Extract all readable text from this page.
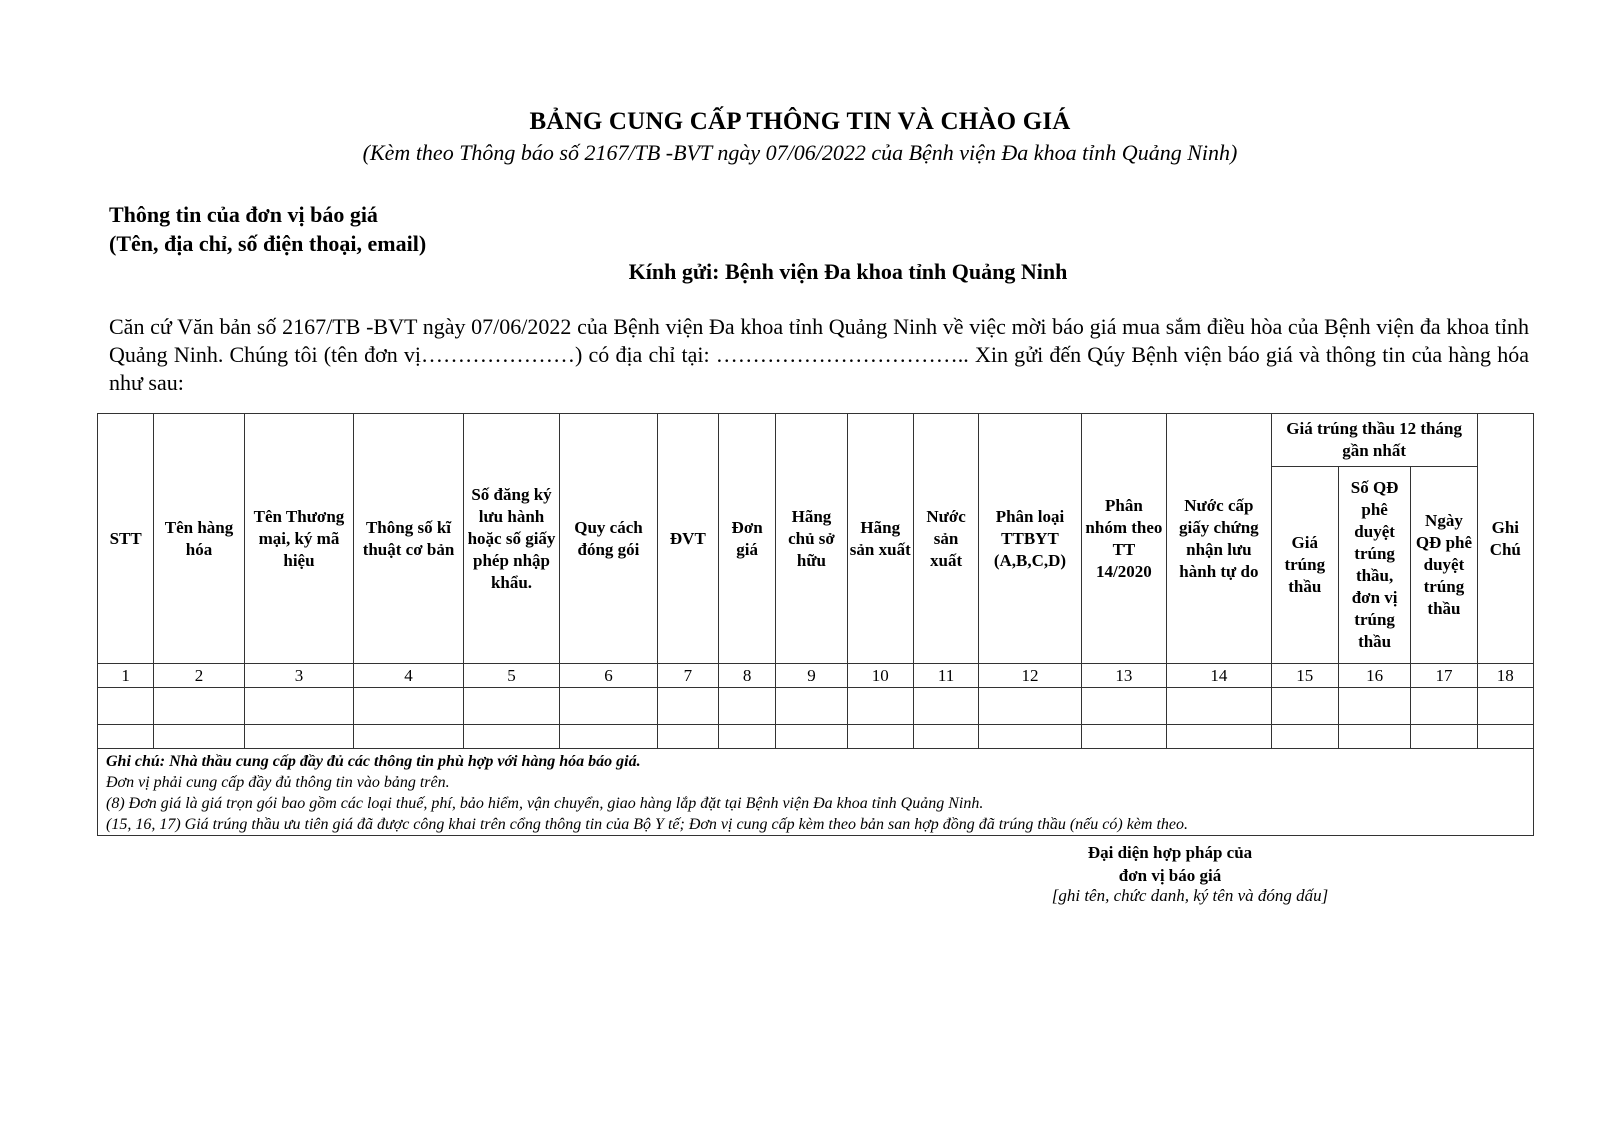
BẢNG CUNG CẤP THÔNG TIN VÀ CHÀO GIÁ
(Kèm theo Thông báo số 2167/TB -BVT ngày 07/06/2022 của Bệnh viện Đa khoa tỉnh Quảng Ninh)
Thông tin của đơn vị báo giá
(Tên, địa chỉ, số điện thoại, email)
Kính gửi: Bệnh viện Đa khoa tỉnh Quảng Ninh
Căn cứ Văn bản số 2167/TB -BVT ngày 07/06/2022 của Bệnh viện Đa khoa tỉnh Quảng Ninh về việc mời báo giá mua sắm điều hòa của Bệnh viện đa khoa tỉnh Quảng Ninh. Chúng tôi (tên đơn vị…………………) có địa chỉ tại: …………………………….. Xin gửi đến Qúy Bệnh viện báo giá và thông tin của hàng hóa như sau:
STT	Tên hàng hóa	Tên Thương mại, ký mã hiệu	Thông số kĩ thuật cơ bản	Số đăng ký lưu hành hoặc số giấy phép nhập khẩu.	Quy cách đóng gói	ĐVT	Đơn giá	Hãng chủ sở hữu	Hãng sản xuất	Nước sản xuất	Phân loại TTBYT (A,B,C,D)	Phân nhóm theo TT 14/2020	Nước cấp giấy chứng nhận lưu hành tự do	Giá trúng thầu 12 tháng gần nhất			Ghi Chú
														Giá trúng thầu	Số QĐ phê duyệt trúng thầu, đơn vị trúng thầu	Ngày QĐ phê duyệt trúng thầu	
1	2	3	4	5	6	7	8	9	10	11	12	13	14	15	16	17	18

Ghi chú: Nhà thầu cung cấp đầy đủ các thông tin phù hợp với hàng hóa báo giá.
Đơn vị phải cung cấp đầy đủ thông tin vào bảng trên.
(8) Đơn giá là giá trọn gói bao gồm các loại thuế, phí, bảo hiểm, vận chuyển, giao hàng lắp đặt tại Bệnh viện Đa khoa tỉnh Quảng Ninh.
(15, 16, 17) Giá trúng thầu ưu tiên giá đã được công khai trên cổng thông tin của Bộ Y tế; Đơn vị cung cấp kèm theo bản san hợp đồng đã trúng thầu (nếu có) kèm theo.																	
Đại diện hợp pháp của
đơn vị báo giá
[ghi tên, chức danh, ký tên và đóng dấu]
